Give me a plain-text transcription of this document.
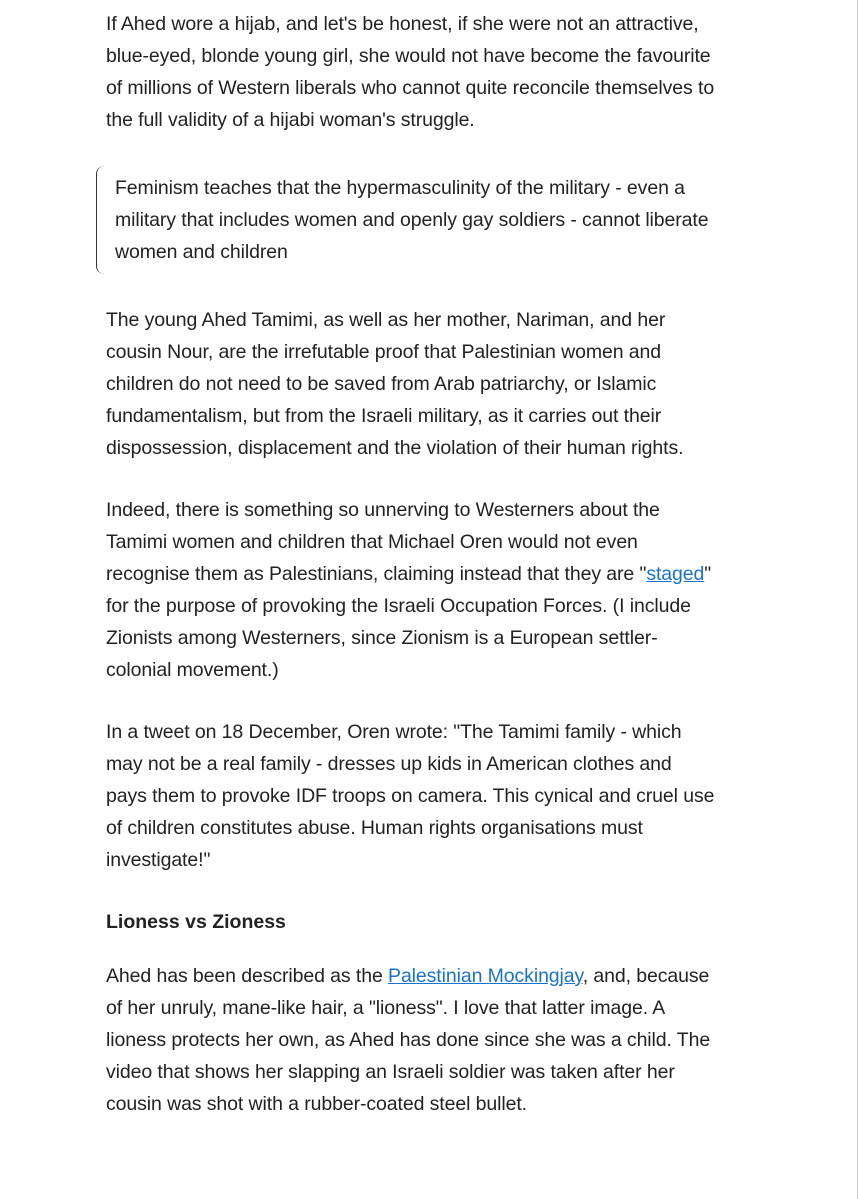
If Ahed wore a hijab, and let's be honest, if she were not an attractive, blue-eyed, blonde young girl, she would not have become the favourite of millions of Western liberals who cannot quite reconcile themselves to the full validity of a hijabi woman's struggle.

Feminism teaches that the hypermasculinity of the military - even a military that includes women and openly gay soldiers - cannot liberate women and children

The young Ahed Tamimi, as well as her mother, Nariman, and her cousin Nour, are the irrefutable proof that Palestinian women and children do not need to be saved from Arab patriarchy, or Islamic fundamentalism, but from the Israeli military, as it carries out their dispossession, displacement and the violation of their human rights.

Indeed, there is something so unnerving to Westerners about the Tamimi women and children that Michael Oren would not even recognise them as Palestinians, claiming instead that they are "staged" for the purpose of provoking the Israeli Occupation Forces. (I include Zionists among Westerners, since Zionism is a European settler-colonial movement.)

In a tweet on 18 December, Oren wrote: "The Tamimi family - which may not be a real family - dresses up kids in American clothes and pays them to provoke IDF troops on camera. This cynical and cruel use of children constitutes abuse. Human rights organisations must investigate!"

Lioness vs Zioness

Ahed has been described as the Palestinian Mockingjay, and, because of her unruly, mane-like hair, a "lioness". I love that latter image. A lioness protects her own, as Ahed has done since she was a child. The video that shows her slapping an Israeli soldier was taken after her cousin was shot with a rubber-coated steel bullet.
